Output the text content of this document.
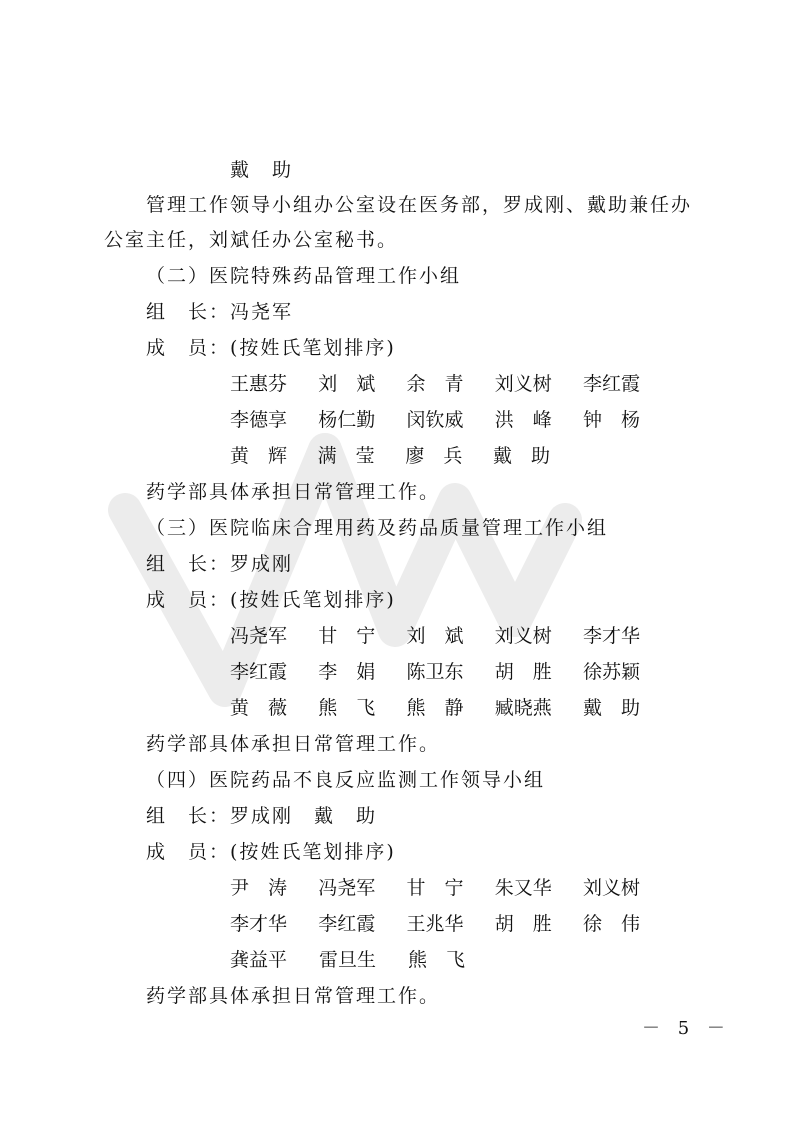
戴　助
管理工作领导小组办公室设在医务部，罗成刚、戴助兼任办
公室主任，刘斌任办公室秘书。
（二）医院特殊药品管理工作小组
组　长：冯尧军
成　员：(按姓氏笔划排序)
王惠芬 刘　斌 余　青 刘义树 李红霞
李德享 杨仁勤 闵钦威 洪　峰 钟　杨
黄　辉 满　莹 廖　兵 戴　助
药学部具体承担日常管理工作。
（三）医院临床合理用药及药品质量管理工作小组
组　长：罗成刚
成　员：(按姓氏笔划排序)
冯尧军 甘　宁 刘　斌 刘义树 李才华
李红霞 李　娟 陈卫东 胡　胜 徐苏颖
黄　薇 熊　飞 熊　静 臧晓燕 戴　助
药学部具体承担日常管理工作。
（四）医院药品不良反应监测工作领导小组
组　长：罗成刚　戴　助
成　员：(按姓氏笔划排序)
尹　涛 冯尧军 甘　宁 朱又华 刘义树
李才华 李红霞 王兆华 胡　胜 徐　伟
龚益平 雷旦生 熊　飞
药学部具体承担日常管理工作。
－ 5 －
